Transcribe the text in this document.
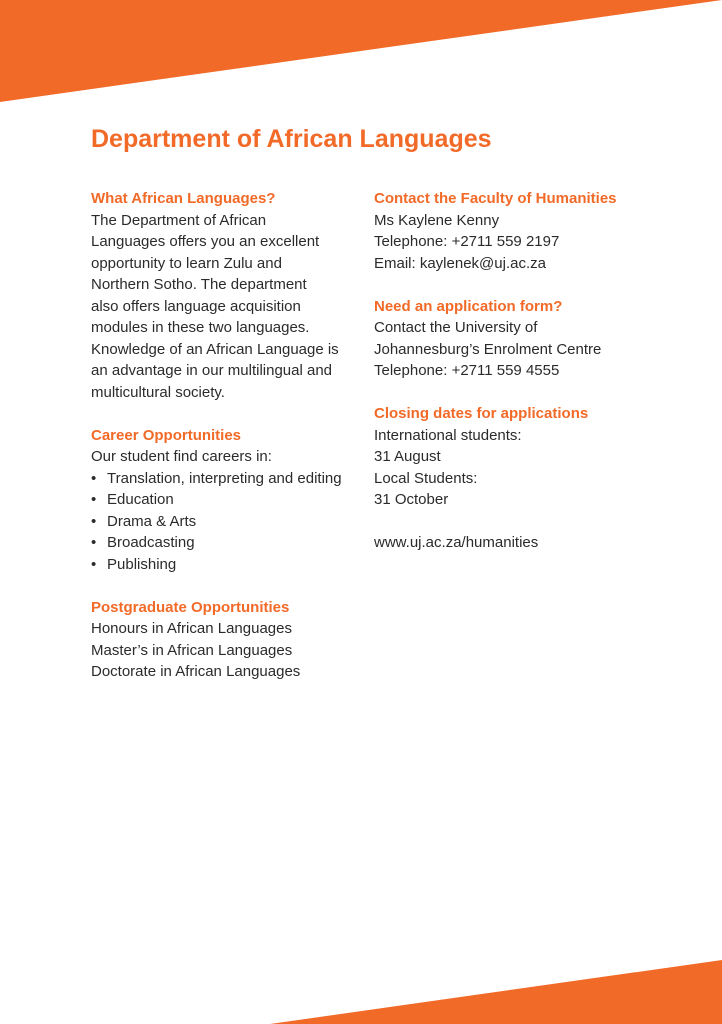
Department of African Languages
What African Languages?

The Department of African
Languages offers you an excellent
opportunity to learn Zulu and
Northern Sotho. The department
also offers language acquisition
modules in these two languages.
Knowledge of an African Language is
an advantage in our multilingual and
multicultural society.

Career Opportunities
Our student find careers in:
• Translation, interpreting and editing
• Education
• Drama & Arts
• Broadcasting
• Publishing
Postgraduate Opportunities
Honours in African Languages
Master’s in African Languages
Doctorate in African Languages
Contact the Faculty of Humanities
Ms Kaylene Kenny
Telephone: +2711 559 2197
Email: kaylenek@uj.ac.za
Need an application form?
Contact the University of
Johannesburg’s Enrolment Centre
Telephone: +2711 559 4555
Closing dates for applications
International students:
31 August
Local Students:
31 October
www.uj.ac.za/humanities
